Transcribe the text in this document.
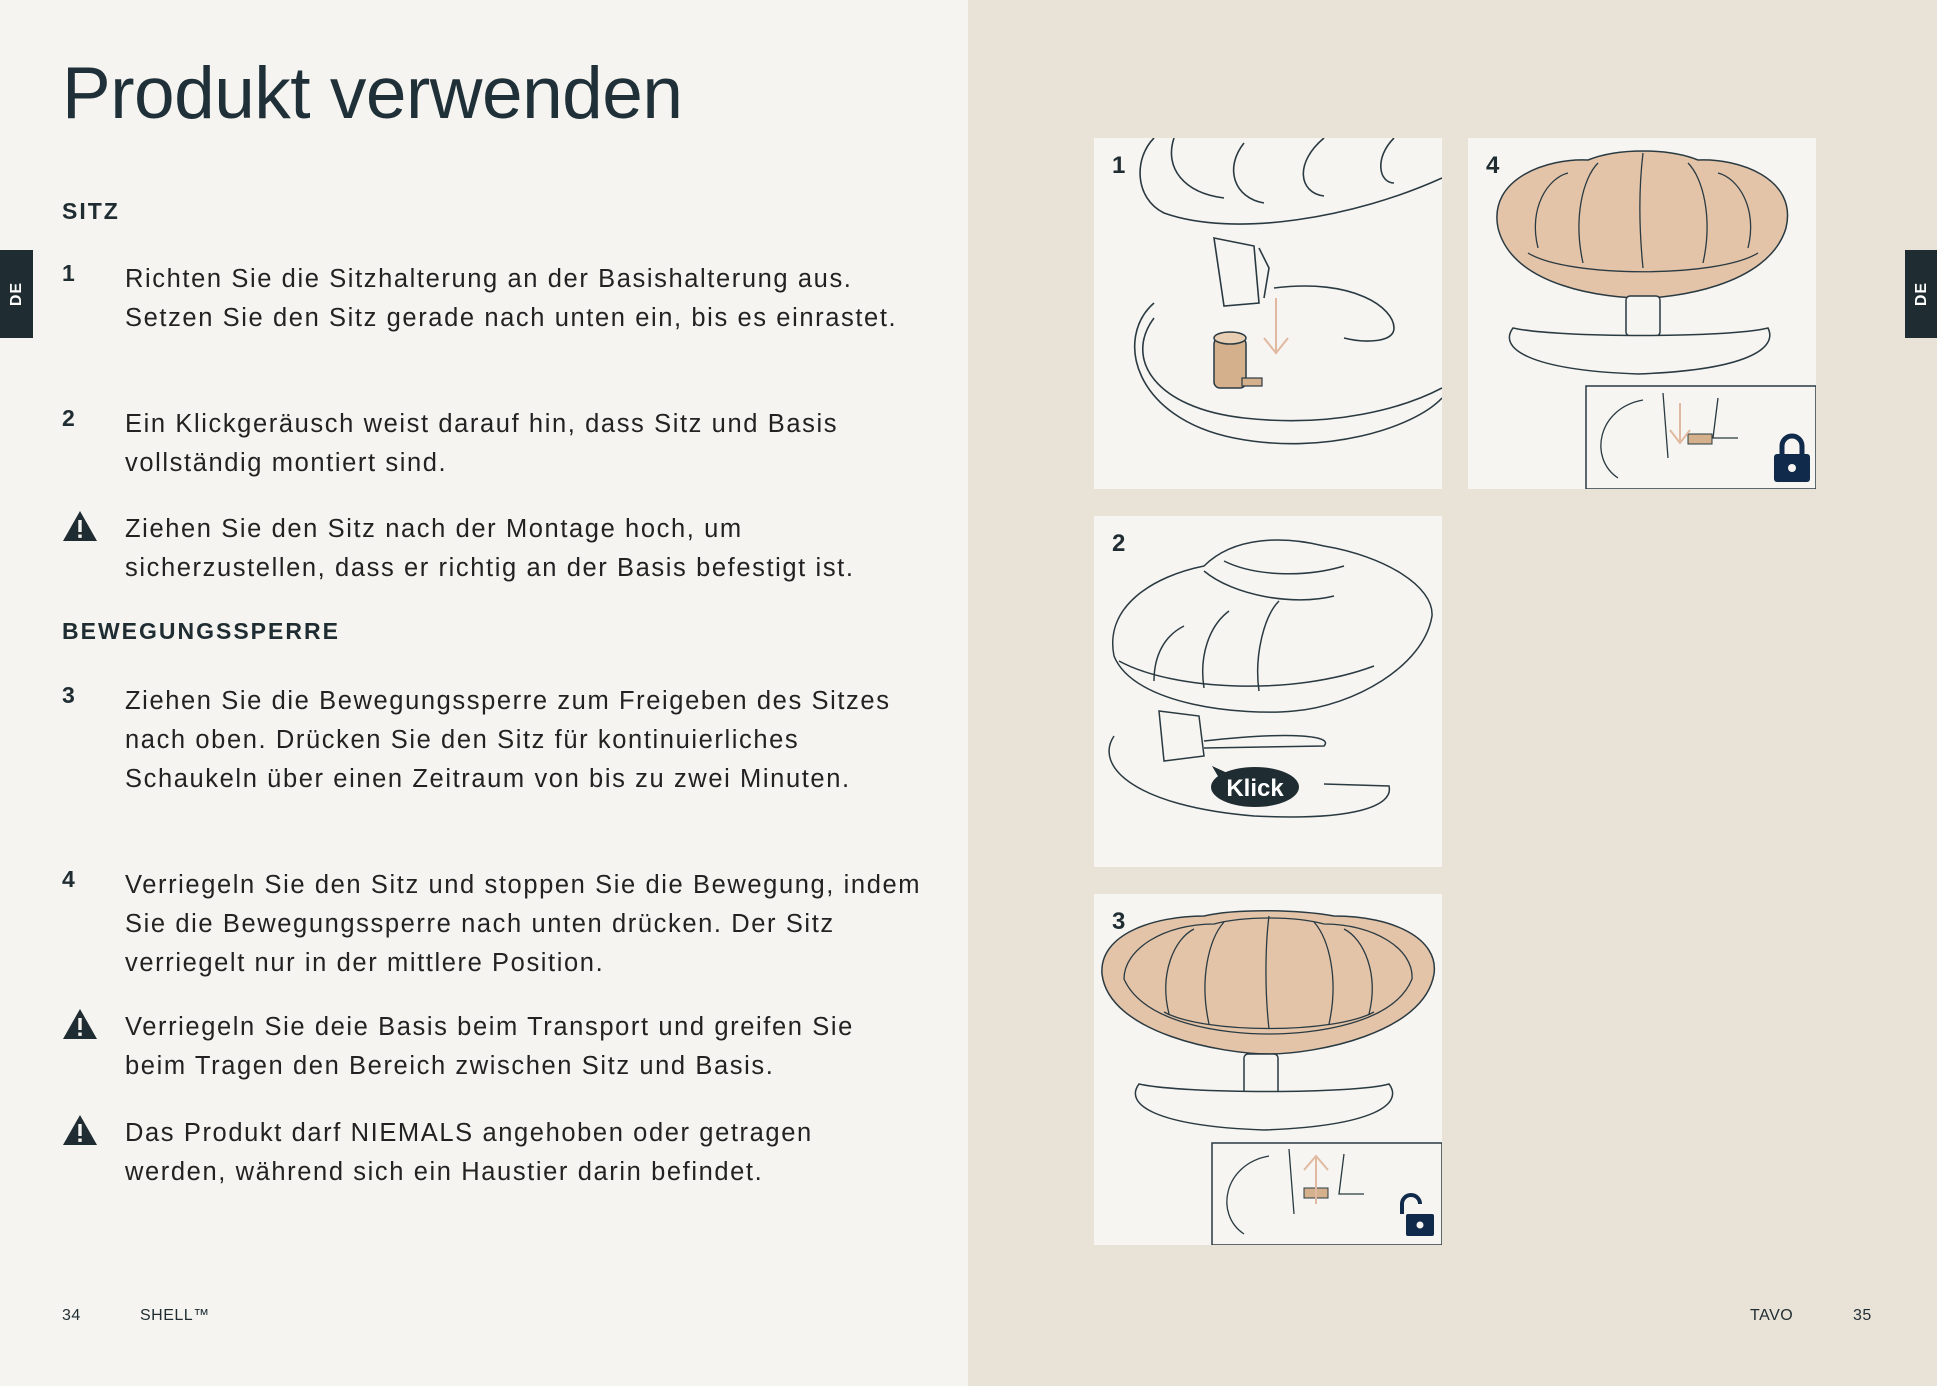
Produkt verwenden
DE
SITZ
1 Richten Sie die Sitzhalterung an der Basishalterung aus. Setzen Sie den Sitz gerade nach unten ein, bis es einrastet.
2 Ein Klickgeräusch weist darauf hin, dass Sitz und Basis vollständig montiert sind.
Ziehen Sie den Sitz nach der Montage hoch, um sicherzustellen, dass er richtig an der Basis befestigt ist.
BEWEGUNGSSPERRE
3 Ziehen Sie die Bewegungssperre zum Freigeben des Sitzes nach oben. Drücken Sie den Sitz für kontinuierliches Schaukeln über einen Zeitraum von bis zu zwei Minuten.
4 Verriegeln Sie den Sitz und stoppen Sie die Bewegung, indem Sie die Bewegungssperre nach unten drücken. Der Sitz verriegelt nur in der mittlere Position.
Verriegeln Sie deie Basis beim Transport und greifen Sie beim Tragen den Bereich zwischen Sitz und Basis.
Das Produkt darf NIEMALS angehoben oder getragen werden, während sich ein Haustier darin befindet.
34	SHELL™
DE
1	4
Klick
2
3
TAVO	35
